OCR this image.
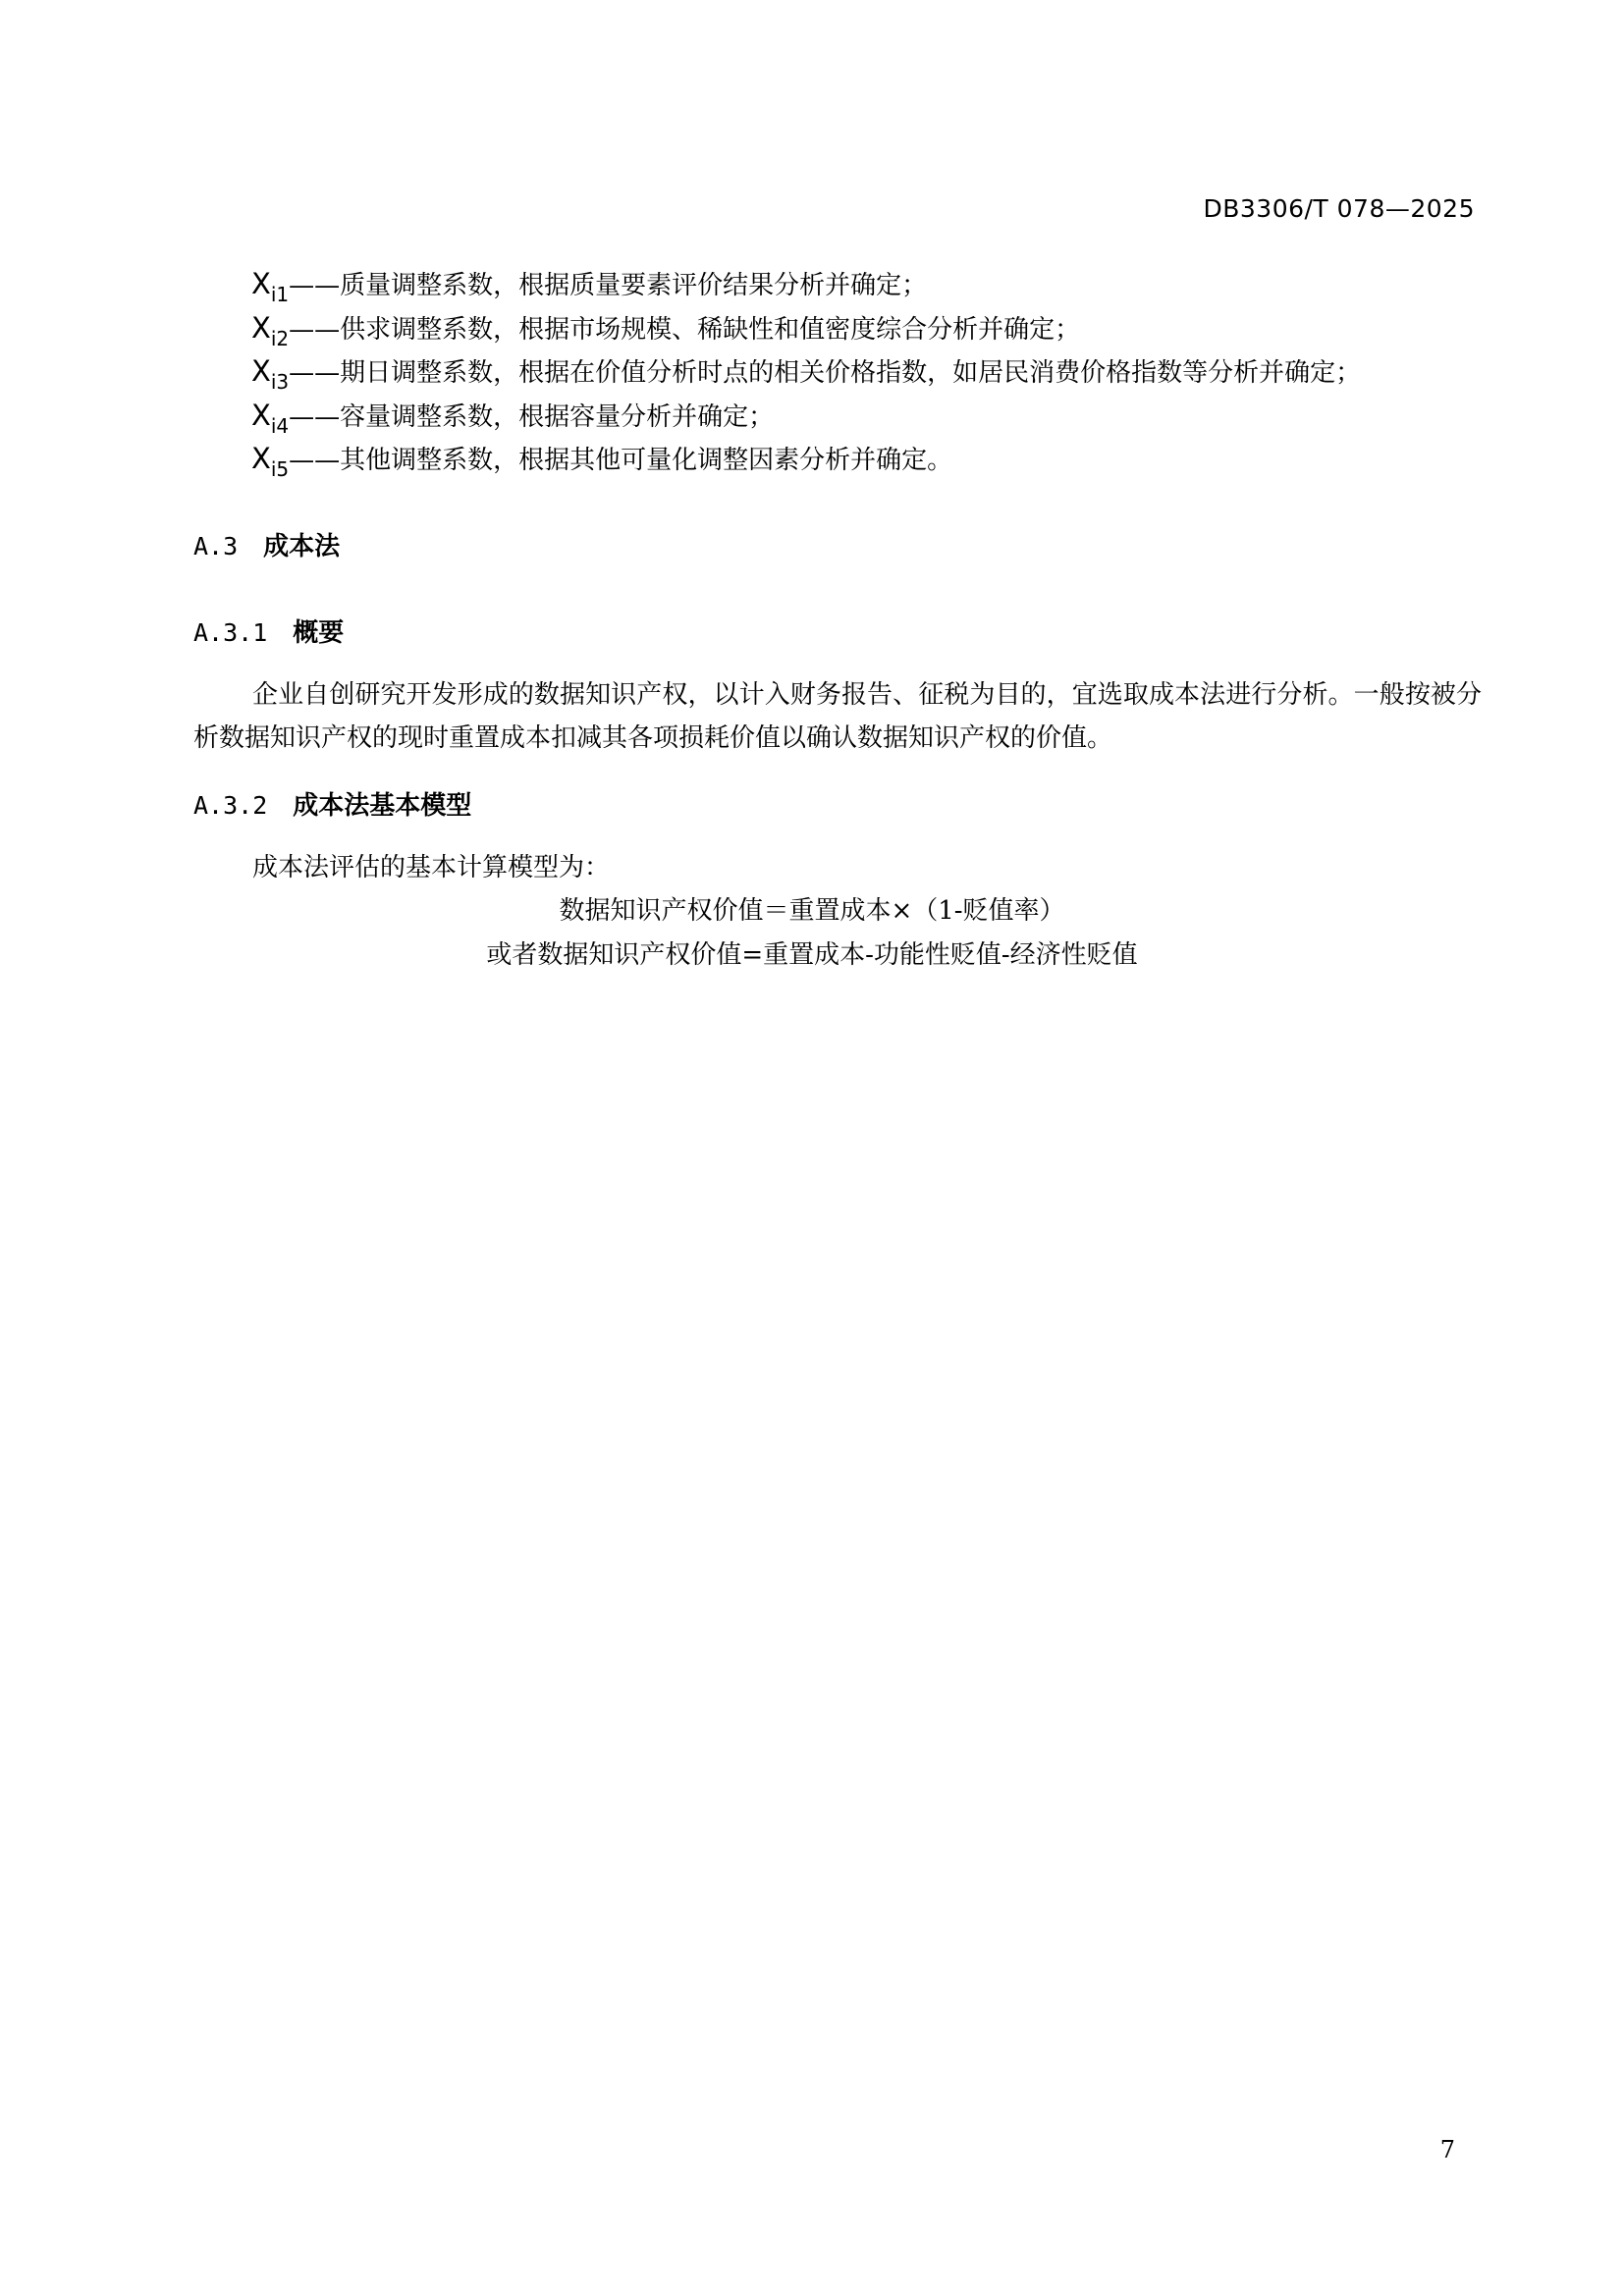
DB3306/T 078—2025
X i1 ——质量调整系数，根据质量要素评价结果分析并确定；
X i2 ——供求调整系数，根据市场规模、稀缺性和值密度综合分析并确定；
X i3 ——期日调整系数，根据在价值分析时点的相关价格指数，如居民消费价格指数等分析并确定；
X i4 ——容量调整系数，根据容量分析并确定；
X i5 ——其他调整系数，根据其他可量化调整因素分析并确定。
A.3 成本法
A.3.1 概要

企业自创研究开发形成的数据知识产权，以计入财务报告、征税为目的，宜选取成本法进行分析。一般按被分析数据知识产权的现时重置成本扣减其各项损耗价值以确认数据知识产权的价值。

A.3.2 成本法基本模型

成本法评估的基本计算模型为：

数据知识产权价值＝重置成本×（1-贬值率）
或者数据知识产权价值=重置成本-功能性贬值-经济性贬值
7
